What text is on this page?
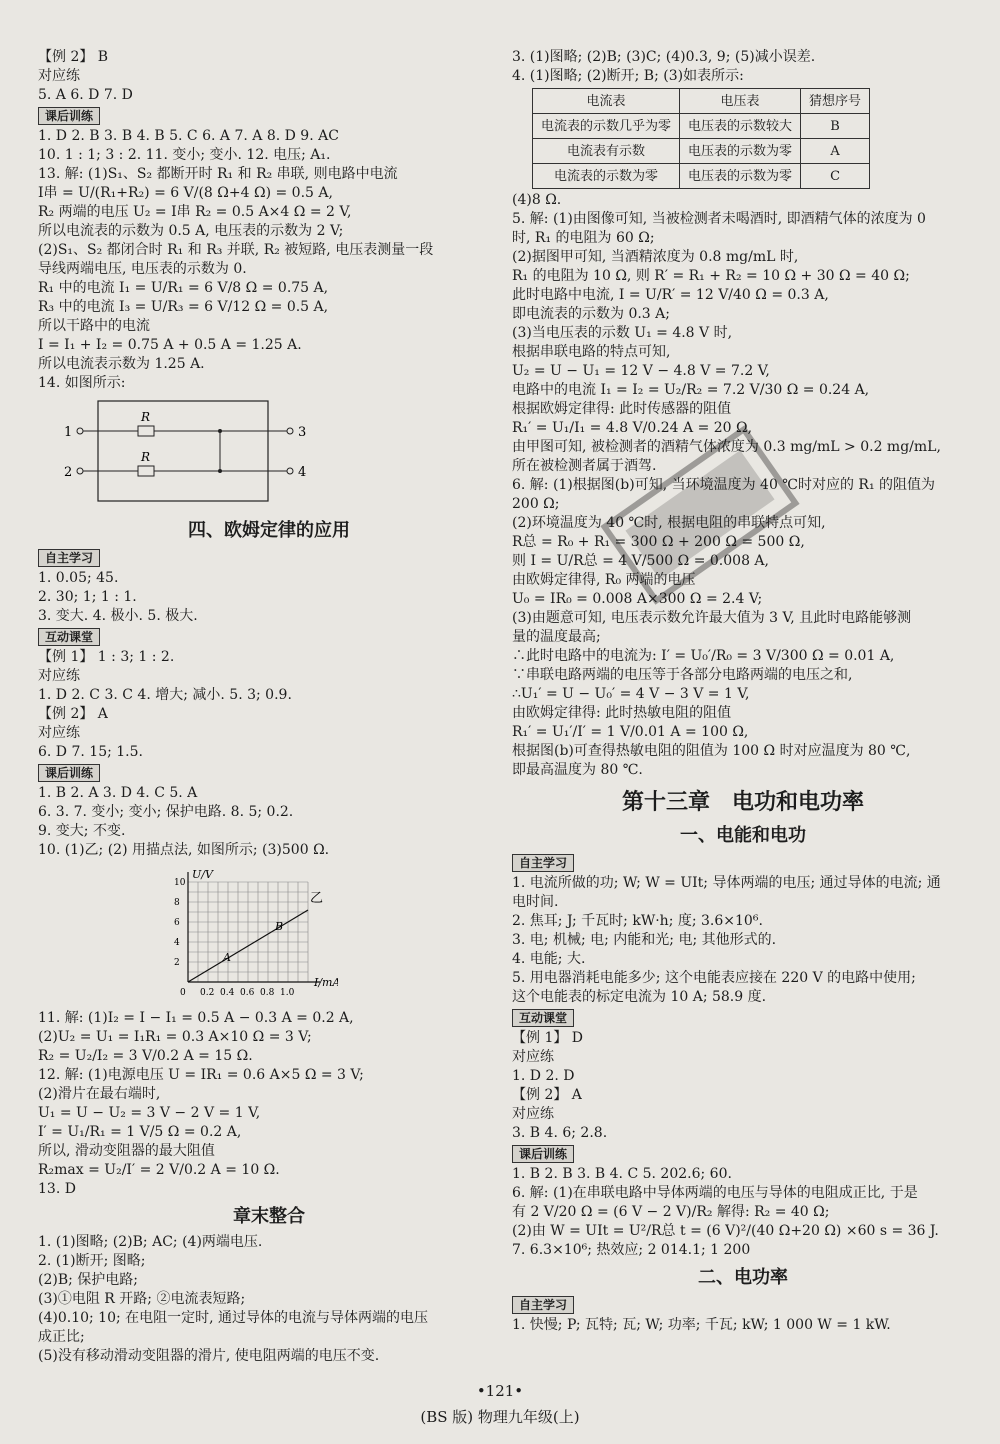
【例 2】 B
对应练
5. A 6. D 7. D
课后训练
1. D 2. B 3. B 4. B 5. C 6. A 7. A 8. D 9. AC
10. 1 : 1; 3 : 2. 11. 变小; 变小. 12. 电压; A₁.
13. 解: (1)S₁、S₂ 都断开时 R₁ 和 R₂ 串联, 则电路中电流
I串 = U/(R₁+R₂) = 6 V/(8 Ω+4 Ω) = 0.5 A,
R₂ 两端的电压 U₂ = I串 R₂ = 0.5 A×4 Ω = 2 V,
所以电流表的示数为 0.5 A, 电压表的示数为 2 V;
(2)S₁、S₂ 都闭合时 R₁ 和 R₃ 并联, R₂ 被短路, 电压表测量一段
导线两端电压, 电压表的示数为 0.
R₁ 中的电流 I₁ = U/R₁ = 6 V/8 Ω = 0.75 A,
R₃ 中的电流 I₃ = U/R₃ = 6 V/12 Ω = 0.5 A,
所以干路中的电流
I = I₁ + I₂ = 0.75 A + 0.5 A = 1.25 A.
所以电流表示数为 1.25 A.
14. 如图所示:
R
R
1
2
3
4
四、欧姆定律的应用
自主学习
1. 0.05; 45.
2. 30; 1; 1 : 1.
3. 变大. 4. 极小. 5. 极大.
互动课堂
【例 1】 1 : 3; 1 : 2.
对应练
1. D 2. C 3. C 4. 增大; 减小. 5. 3; 0.9.
【例 2】 A
对应练
6. D 7. 15; 1.5.
课后训练
1. B 2. A 3. D 4. C 5. A
6. 3. 7. 变小; 变小; 保护电路. 8. 5; 0.2.
9. 变大; 不变.
10. (1)乙; (2) 用描点法, 如图所示; (3)500 Ω.
0 0.2 0.4 0.6 0.8 1.0
2
4
6
8
10
I/mA
U/V
乙
A
B
11. 解: (1)I₂ = I − I₁ = 0.5 A − 0.3 A = 0.2 A,
(2)U₂ = U₁ = I₁R₁ = 0.3 A×10 Ω = 3 V;
R₂ = U₂/I₂ = 3 V/0.2 A = 15 Ω.
12. 解: (1)电源电压 U = IR₁ = 0.6 A×5 Ω = 3 V;
(2)滑片在最右端时,
U₁ = U − U₂ = 3 V − 2 V = 1 V,
I′ = U₁/R₁ = 1 V/5 Ω = 0.2 A,
所以, 滑动变阻器的最大阻值
R₂max = U₂/I′ = 2 V/0.2 A = 10 Ω.
13. D
章末整合
1. (1)图略; (2)B; AC; (4)两端电压.
2. (1)断开; 图略;
(2)B; 保护电路;
(3)①电阻 R 开路; ②电流表短路;
(4)0.10; 10; 在电阻一定时, 通过导体的电流与导体两端的电压
成正比;
(5)没有移动滑动变阻器的滑片, 使电阻两端的电压不变.
3. (1)图略; (2)B; (3)C; (4)0.3, 9; (5)减小误差.
4. (1)图略; (2)断开; B; (3)如表所示:
电流表	电压表	猜想序号
电流表的示数几乎为零	电压表的示数较大	B
电流表有示数	电压表的示数为零	A
电流表的示数为零	电压表的示数为零	C
(4)8 Ω.
5. 解: (1)由图像可知, 当被检测者未喝酒时, 即酒精气体的浓度为 0
时, R₁ 的电阻为 60 Ω;
(2)据图甲可知, 当酒精浓度为 0.8 mg/mL 时,
R₁ 的电阻为 10 Ω, 则 R′ = R₁ + R₂ = 10 Ω + 30 Ω = 40 Ω;
此时电路中电流, I = U/R′ = 12 V/40 Ω = 0.3 A,
即电流表的示数为 0.3 A;
(3)当电压表的示数 U₁ = 4.8 V 时,
根据串联电路的特点可知,
U₂ = U − U₁ = 12 V − 4.8 V = 7.2 V,
电路中的电流 I₁ = I₂ = U₂/R₂ = 7.2 V/30 Ω = 0.24 A,
根据欧姆定律得: 此时传感器的阻值
R₁′ = U₁/I₁ = 4.8 V/0.24 A = 20 Ω,
由甲图可知, 被检测者的酒精气体浓度为 0.3 mg/mL > 0.2 mg/mL,
所在被检测者属于酒驾.
6. 解: (1)根据图(b)可知, 当环境温度为 40 ℃时对应的 R₁ 的阻值为
200 Ω;
(2)环境温度为 40 ℃时, 根据电阻的串联特点可知,
R总 = R₀ + R₁ = 300 Ω + 200 Ω = 500 Ω,
则 I = U/R总 = 4 V/500 Ω = 0.008 A,
由欧姆定律得, R₀ 两端的电压
U₀ = IR₀ = 0.008 A×300 Ω = 2.4 V;
(3)由题意可知, 电压表示数允许最大值为 3 V, 且此时电路能够测
量的温度最高;
∴此时电路中的电流为: I′ = U₀′/R₀ = 3 V/300 Ω = 0.01 A,
∵串联电路两端的电压等于各部分电路两端的电压之和,
∴U₁′ = U − U₀′ = 4 V − 3 V = 1 V,
由欧姆定律得: 此时热敏电阻的阻值
R₁′ = U₁′/I′ = 1 V/0.01 A = 100 Ω,
根据图(b)可查得热敏电阻的阻值为 100 Ω 时对应温度为 80 ℃,
即最高温度为 80 ℃.
第十三章　电功和电功率
一、电能和电功
自主学习
1. 电流所做的功; W; W = UIt; 导体两端的电压; 通过导体的电流; 通
电时间.
2. 焦耳; J; 千瓦时; kW·h; 度; 3.6×10⁶.
3. 电; 机械; 电; 内能和光; 电; 其他形式的.
4. 电能; 大.
5. 用电器消耗电能多少; 这个电能表应接在 220 V 的电路中使用;
这个电能表的标定电流为 10 A; 58.9 度.
互动课堂
【例 1】 D
对应练
1. D 2. D
【例 2】 A
对应练
3. B 4. 6; 2.8.
课后训练
1. B 2. B 3. B 4. C 5. 202.6; 60.
6. 解: (1)在串联电路中导体两端的电压与导体的电阻成正比, 于是
有 2 V/20 Ω = (6 V − 2 V)/R₂ 解得: R₂ = 40 Ω;
(2)由 W = UIt = U²/R总 t = (6 V)²/(40 Ω+20 Ω) ×60 s = 36 J.
7. 6.3×10⁶; 热效应; 2 014.1; 1 200
二、电功率
自主学习
1. 快慢; P; 瓦特; 瓦; W; 功率; 千瓦; kW; 1 000 W = 1 kW.
•121•
(BS 版) 物理九年级(上)
